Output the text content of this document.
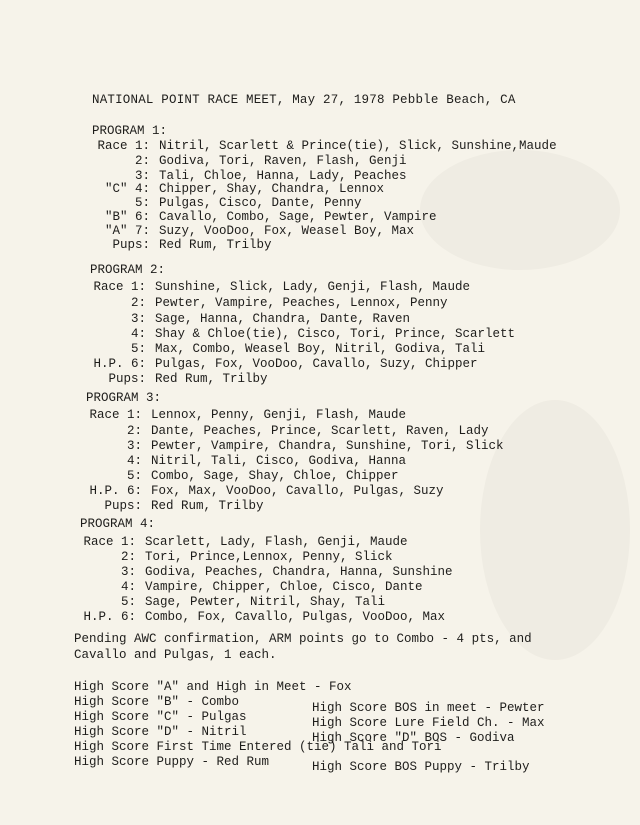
NATIONAL POINT RACE MEET, May 27, 1978 Pebble Beach, CA
PROGRAM 1:
Race 1: Nitril, Scarlett & Prince(tie), Slick, Sunshine,Maude
2: Godiva, Tori, Raven, Flash, Genji
3: Tali, Chloe, Hanna, Lady, Peaches
"C" 4: Chipper, Shay, Chandra, Lennox
5: Pulgas, Cisco, Dante, Penny
"B" 6: Cavallo, Combo, Sage, Pewter, Vampire
"A" 7: Suzy, VooDoo, Fox, Weasel Boy, Max
Pups: Red Rum, Trilby
PROGRAM 2:
Race 1: Sunshine, Slick, Lady, Genji, Flash, Maude
2: Pewter, Vampire, Peaches, Lennox, Penny
3: Sage, Hanna, Chandra, Dante, Raven
4: Shay & Chloe(tie), Cisco, Tori, Prince, Scarlett
5: Max, Combo, Weasel Boy, Nitril, Godiva, Tali
H.P. 6: Pulgas, Fox, VooDoo, Cavallo, Suzy, Chipper
Pups: Red Rum, Trilby
PROGRAM 3:
Race 1: Lennox, Penny, Genji, Flash, Maude
2: Dante, Peaches, Prince, Scarlett, Raven, Lady
3: Pewter, Vampire, Chandra, Sunshine, Tori, Slick
4: Nitril, Tali, Cisco, Godiva, Hanna
5: Combo, Sage, Shay, Chloe, Chipper
H.P. 6: Fox, Max, VooDoo, Cavallo, Pulgas, Suzy
Pups: Red Rum, Trilby
PROGRAM 4:
Race 1: Scarlett, Lady, Flash, Genji, Maude
2: Tori, Prince,Lennox, Penny, Slick
3: Godiva, Peaches, Chandra, Hanna, Sunshine
4: Vampire, Chipper, Chloe, Cisco, Dante
5: Sage, Pewter, Nitril, Shay, Tali
H.P. 6: Combo, Fox, Cavallo, Pulgas, VooDoo, Max
Pending AWC confirmation, ARM points go to Combo - 4 pts, and
Cavallo and Pulgas, 1 each.
High Score "A" and High in Meet - Fox
High Score "B" - Combo
High Score "C" - Pulgas
High Score "D" - Nitril
High Score First Time Entered (tie) Tali and Tori
High Score Puppy - Red Rum
High Score BOS in meet - Pewter
High Score Lure Field Ch. - Max
High Score "D" BOS - Godiva
High Score BOS Puppy - Trilby
